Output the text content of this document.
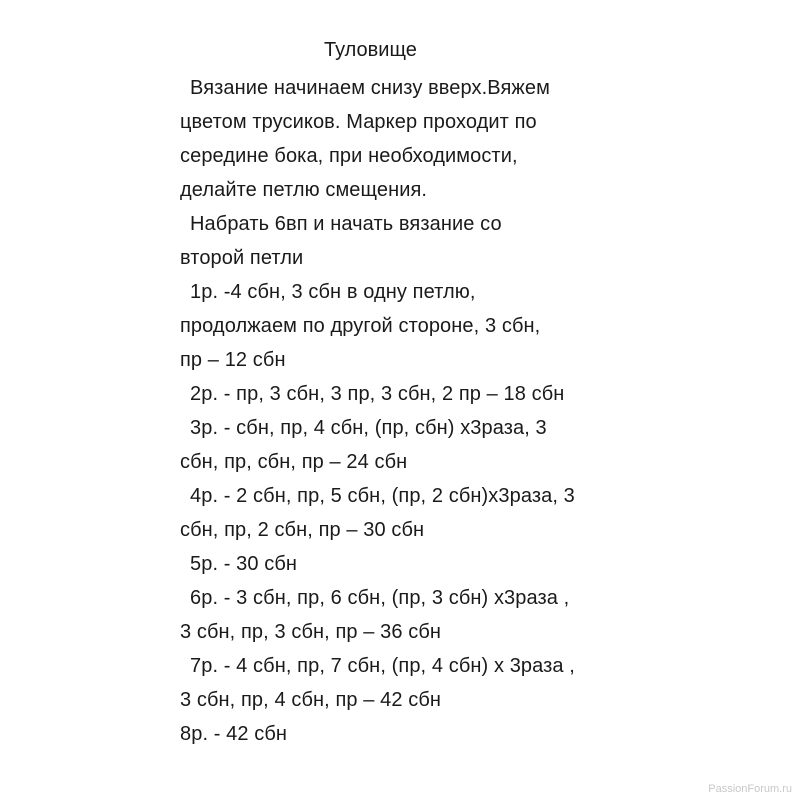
Туловище
Вязание начинаем снизу вверх.Вяжем
цветом трусиков. Маркер проходит по
середине бока, при необходимости,
делайте петлю смещения.
Набрать 6вп и начать вязание со
второй петли
1р. -4 сбн, 3 сбн в одну петлю,
продолжаем по другой стороне, 3 сбн,
пр – 12 сбн
2р. - пр, 3 сбн, 3 пр, 3 сбн, 2 пр – 18 сбн
3р. - сбн, пр, 4 сбн, (пр, сбн) х3раза, 3
сбн, пр, сбн, пр – 24 сбн
4р. - 2 сбн, пр, 5 сбн, (пр, 2 сбн)х3раза, 3
сбн, пр, 2 сбн, пр – 30 сбн
5р. - 30 сбн
6р. - 3 сбн, пр, 6 сбн, (пр, 3 сбн) х3раза ,
3 сбн, пр, 3 сбн, пр – 36 сбн
7р. - 4 сбн, пр, 7 сбн, (пр, 4 сбн) х 3раза ,
3 сбн, пр, 4 сбн, пр – 42 сбн
8р. - 42 сбн
PassionForum.ru
